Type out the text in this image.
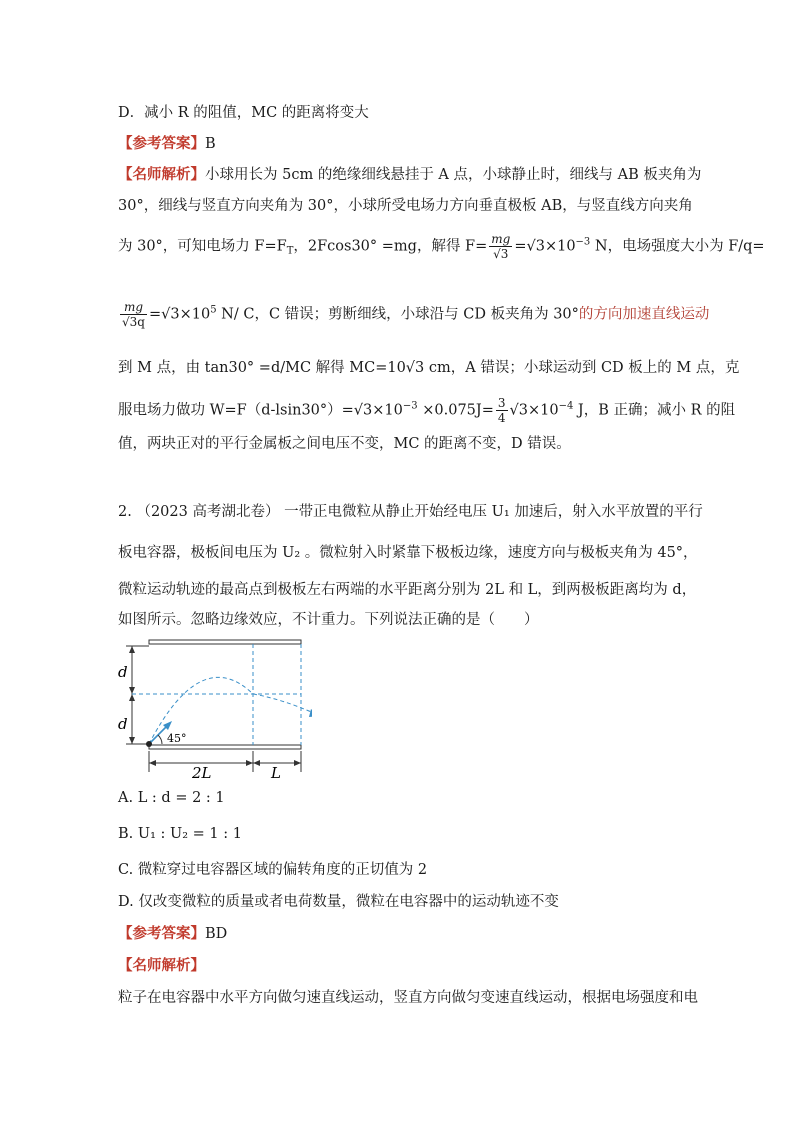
D．减小 R 的阻值，MC 的距离将变大
【参考答案】B
【名师解析】小球用长为 5cm 的绝缘细线悬挂于 A 点，小球静止时，细线与 AB 板夹角为
30°，细线与竖直方向夹角为 30°，小球所受电场力方向垂直极板 AB，与竖直线方向夹角
为 30°，可知电场力 $F=F_T$，2Fcos30° =mg，解得 $F= \frac{mg}{√3} =√3\times 10^{-3}$ N，电场强度大小为 F/q=
$\frac{mg}{√3q} =√3\times 10^5$ N/ C，C 错误；剪断细线，小球沿与 CD 板夹角为 30°的方向加速直线运动
到 M 点，由 tan30° =d/MC 解得 MC=10√3 cm，A 错误；小球运动到 CD 板上的 M 点，克
服电场力做功 $W=F(d-lsin30^\circ)=√3\times 10^{-3} \times 0.075J= \frac{3}{4} √3\times 10^{-4}$ J，B 正确；减小 R 的阻
值，两块正对的平行金属板之间电压不变，MC 的距离不变，D 错误。
2. （2023 高考湖北卷） 一带正电微粒从静止开始经电压 U₁ 加速后，射入水平放置的平行
板电容器，极板间电压为 U₂ 。微粒射入时紧靠下极板边缘，速度方向与极板夹角为 45°，
微粒运动轨迹的最高点到极板左右两端的水平距离分别为 2L 和 L，到两极板距离均为 d，
如图所示。忽略边缘效应，不计重力。下列说法正确的是（　　）
d
d
45°
2L	L
A. L : d = 2 : 1
B. U₁ : U₂ = 1 : 1
C. 微粒穿过电容器区域的偏转角度的正切值为 2
D. 仅改变微粒的质量或者电荷数量，微粒在电容器中的运动轨迹不变
【参考答案】BD
【名师解析】
粒子在电容器中水平方向做匀速直线运动，竖直方向做匀变速直线运动，根据电场强度和电
